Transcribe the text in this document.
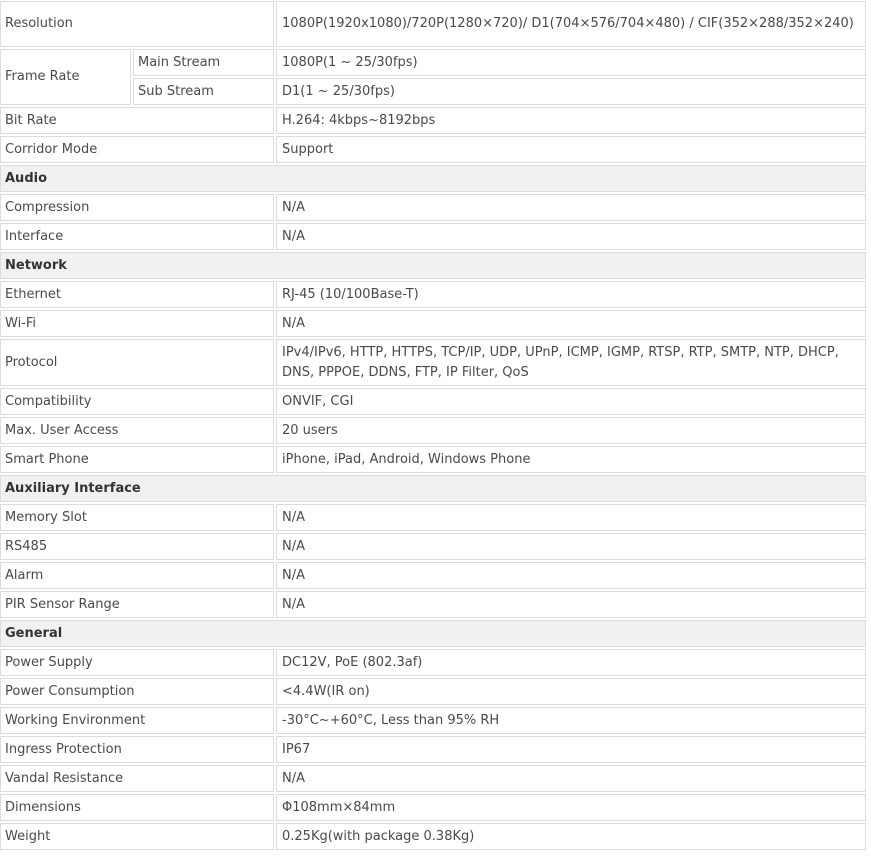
Resolution		1080P(1920x1080)/720P(1280×720)/ D1(704×576/704×480) / CIF(352×288/352×240)
Frame Rate	Main Stream	1080P(1 ~ 25/30fps)
	Sub Stream	D1(1 ~ 25/30fps)
Bit Rate		H.264: 4kbps~8192bps
Corridor Mode		Support
Audio		
Compression		N/A
Interface		N/A
Network		
Ethernet		RJ-45 (10/100Base-T)
Wi-Fi		N/A
Protocol		IPv4/IPv6, HTTP, HTTPS, TCP/IP, UDP, UPnP, ICMP, IGMP, RTSP, RTP, SMTP, NTP, DHCP, DNS, PPPOE, DDNS, FTP, IP Filter, QoS
Compatibility		ONVIF, CGI
Max. User Access		20 users
Smart Phone		iPhone, iPad, Android, Windows Phone
Auxiliary Interface		
Memory Slot		N/A
RS485		N/A
Alarm		N/A
PIR Sensor Range		N/A
General		
Power Supply		DC12V, PoE (802.3af)
Power Consumption		<4.4W(IR on)
Working Environment		-30°C~+60°C, Less than 95% RH
Ingress Protection		IP67
Vandal Resistance		N/A
Dimensions		Φ108mm×84mm
Weight		0.25Kg(with package 0.38Kg)
